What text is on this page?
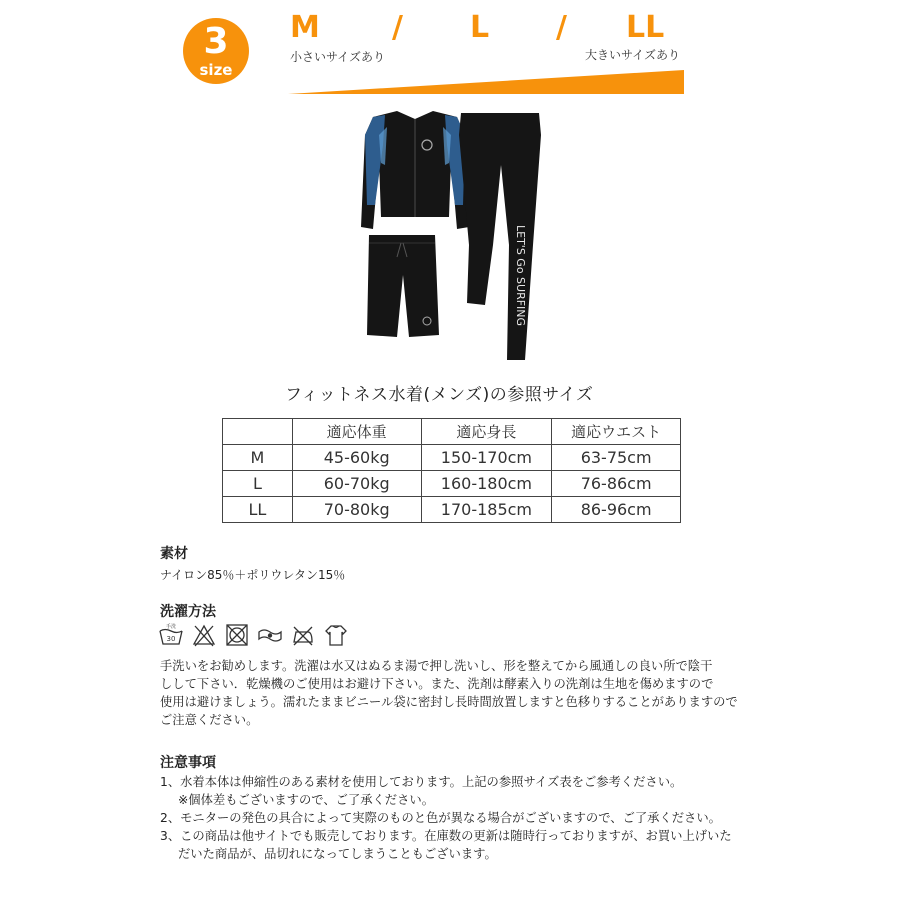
3
size
M / L / LL
小さいサイズあり	大きいサイズあり
LET'S Go SURFING
フィットネス水着(メンズ)の参照サイズ
	適応体重	適応身長	適応ウエスト
M	45-60kg	150-170cm	63-75cm
L	60-70kg	160-180cm	76-86cm
LL	70-80kg	170-185cm	86-96cm
素材
ナイロン85％＋ポリウレタン15％
洗濯方法
手洗
30
手洗いをお勧めします。洗濯は水又はぬるま湯で押し洗いし、形を整えてから風通しの良い所で陰干
しして下さい．乾燥機のご使用はお避け下さい。また、洗剤は酵素入りの洗剤は生地を傷めますので
使用は避けましょう。濡れたままビニール袋に密封し長時間放置しますと色移りすることがありますので
ご注意ください。
注意事項
1、水着本体は伸縮性のある素材を使用しております。上記の参照サイズ表をご参考ください。
※個体差もございますので、ご了承ください。
2、モニターの発色の具合によって実際のものと色が異なる場合がございますので、ご了承ください。
3、この商品は他サイトでも販売しております。在庫数の更新は随時行っておりますが、お買い上げいた
だいた商品が、品切れになってしまうこともございます。
